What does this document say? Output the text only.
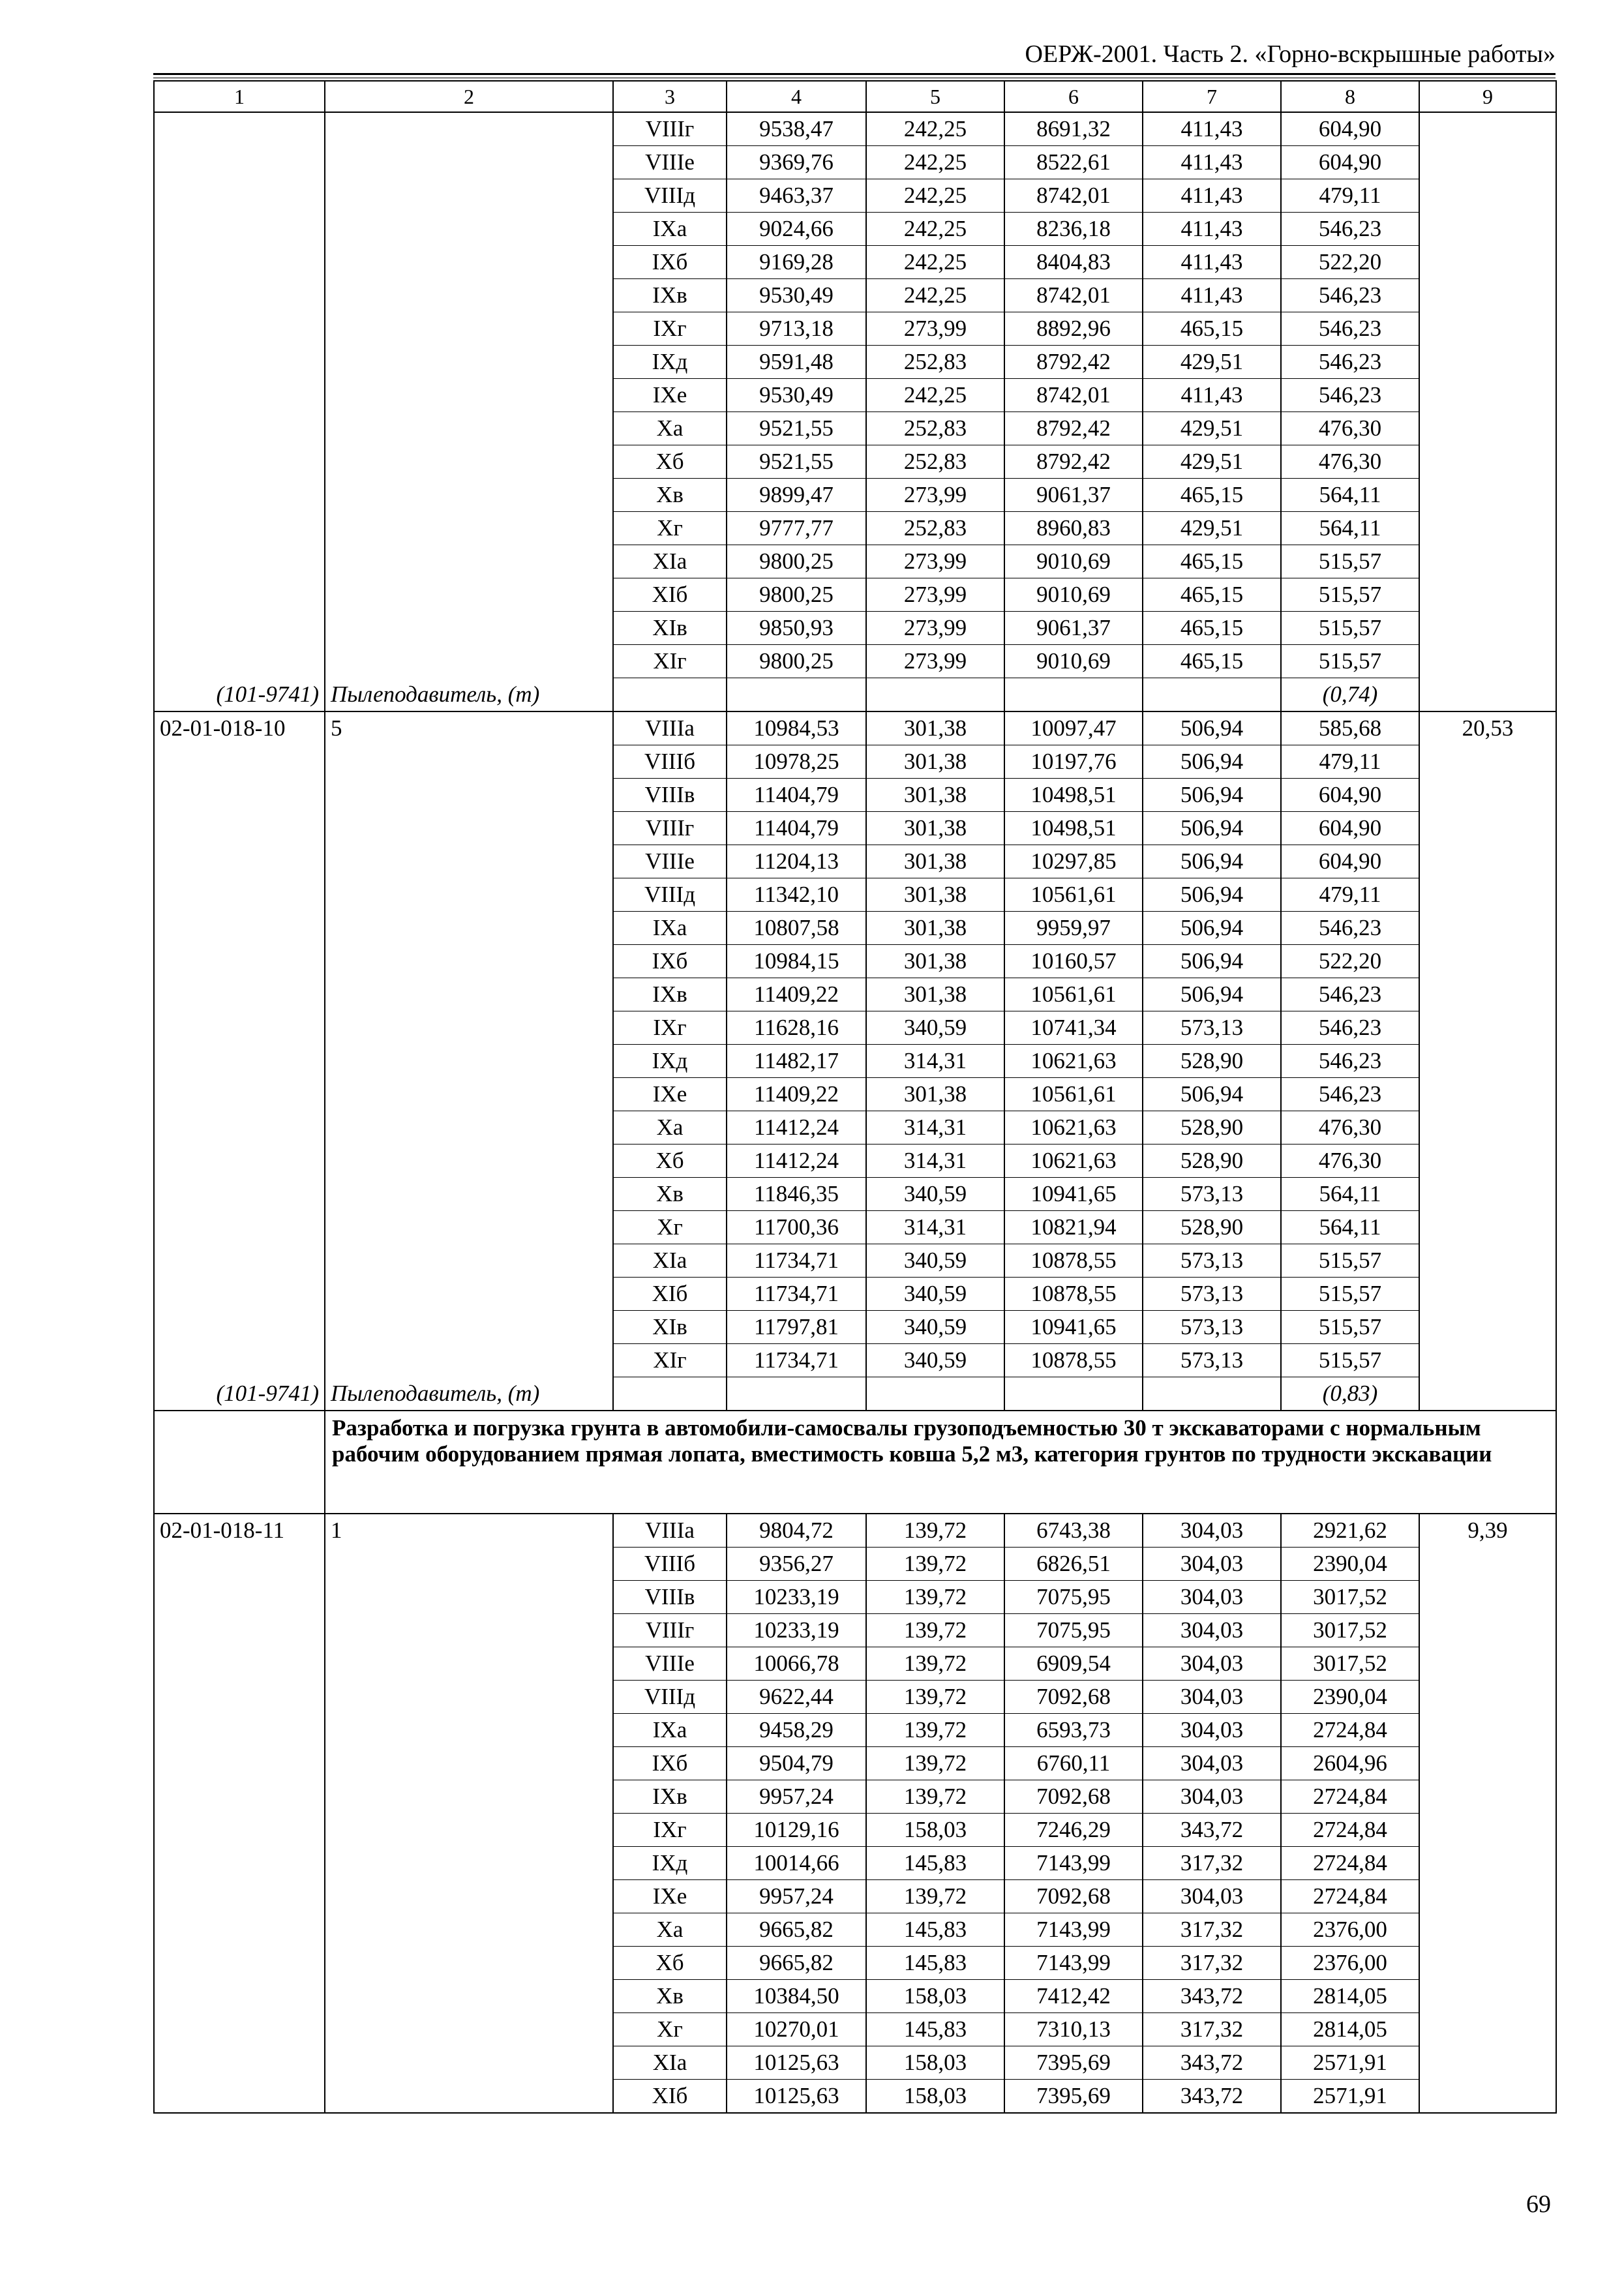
ОЕРЖ-2001. Часть 2. «Горно-вскрышные работы»
1	2	3	4	5	6	7	8	9
		VIIIг	9538,47	242,25	8691,32	411,43	604,90	
		VIIIе	9369,76	242,25	8522,61	411,43	604,90	
		VIIIд	9463,37	242,25	8742,01	411,43	479,11	
		IXа	9024,66	242,25	8236,18	411,43	546,23	
		IXб	9169,28	242,25	8404,83	411,43	522,20	
		IXв	9530,49	242,25	8742,01	411,43	546,23	
		IXг	9713,18	273,99	8892,96	465,15	546,23	
		IXд	9591,48	252,83	8792,42	429,51	546,23	
		IXе	9530,49	242,25	8742,01	411,43	546,23	
		Xа	9521,55	252,83	8792,42	429,51	476,30	
		Xб	9521,55	252,83	8792,42	429,51	476,30	
		Xв	9899,47	273,99	9061,37	465,15	564,11	
		Xг	9777,77	252,83	8960,83	429,51	564,11	
		XIа	9800,25	273,99	9010,69	465,15	515,57	
		XIб	9800,25	273,99	9010,69	465,15	515,57	
		XIв	9850,93	273,99	9061,37	465,15	515,57	
		XIг	9800,25	273,99	9010,69	465,15	515,57	
(101-9741)	Пылеподавитель, (т)						(0,74)	
02-01-018-10	5	VIIIа	10984,53	301,38	10097,47	506,94	585,68	20,53
		VIIIб	10978,25	301,38	10197,76	506,94	479,11	
		VIIIв	11404,79	301,38	10498,51	506,94	604,90	
		VIIIг	11404,79	301,38	10498,51	506,94	604,90	
		VIIIе	11204,13	301,38	10297,85	506,94	604,90	
		VIIIд	11342,10	301,38	10561,61	506,94	479,11	
		IXа	10807,58	301,38	9959,97	506,94	546,23	
		IXб	10984,15	301,38	10160,57	506,94	522,20	
		IXв	11409,22	301,38	10561,61	506,94	546,23	
		IXг	11628,16	340,59	10741,34	573,13	546,23	
		IXд	11482,17	314,31	10621,63	528,90	546,23	
		IXе	11409,22	301,38	10561,61	506,94	546,23	
		Xа	11412,24	314,31	10621,63	528,90	476,30	
		Xб	11412,24	314,31	10621,63	528,90	476,30	
		Xв	11846,35	340,59	10941,65	573,13	564,11	
		Xг	11700,36	314,31	10821,94	528,90	564,11	
		XIа	11734,71	340,59	10878,55	573,13	515,57	
		XIб	11734,71	340,59	10878,55	573,13	515,57	
		XIв	11797,81	340,59	10941,65	573,13	515,57	
		XIг	11734,71	340,59	10878,55	573,13	515,57	
(101-9741)	Пылеподавитель, (т)						(0,83)	
	Разработка и погрузка грунта в автомобили-самосвалы грузоподъемностью 30 т экскаваторами с нормальным рабочим оборудованием прямая лопата, вместимость ковша 5,2 м3, категория грунтов по трудности экскавации							
02-01-018-11	1	VIIIа	9804,72	139,72	6743,38	304,03	2921,62	9,39
		VIIIб	9356,27	139,72	6826,51	304,03	2390,04	
		VIIIв	10233,19	139,72	7075,95	304,03	3017,52	
		VIIIг	10233,19	139,72	7075,95	304,03	3017,52	
		VIIIе	10066,78	139,72	6909,54	304,03	3017,52	
		VIIIд	9622,44	139,72	7092,68	304,03	2390,04	
		IXа	9458,29	139,72	6593,73	304,03	2724,84	
		IXб	9504,79	139,72	6760,11	304,03	2604,96	
		IXв	9957,24	139,72	7092,68	304,03	2724,84	
		IXг	10129,16	158,03	7246,29	343,72	2724,84	
		IXд	10014,66	145,83	7143,99	317,32	2724,84	
		IXе	9957,24	139,72	7092,68	304,03	2724,84	
		Xа	9665,82	145,83	7143,99	317,32	2376,00	
		Xб	9665,82	145,83	7143,99	317,32	2376,00	
		Xв	10384,50	158,03	7412,42	343,72	2814,05	
		Xг	10270,01	145,83	7310,13	317,32	2814,05	
		XIа	10125,63	158,03	7395,69	343,72	2571,91	
		XIб	10125,63	158,03	7395,69	343,72	2571,91	
69
